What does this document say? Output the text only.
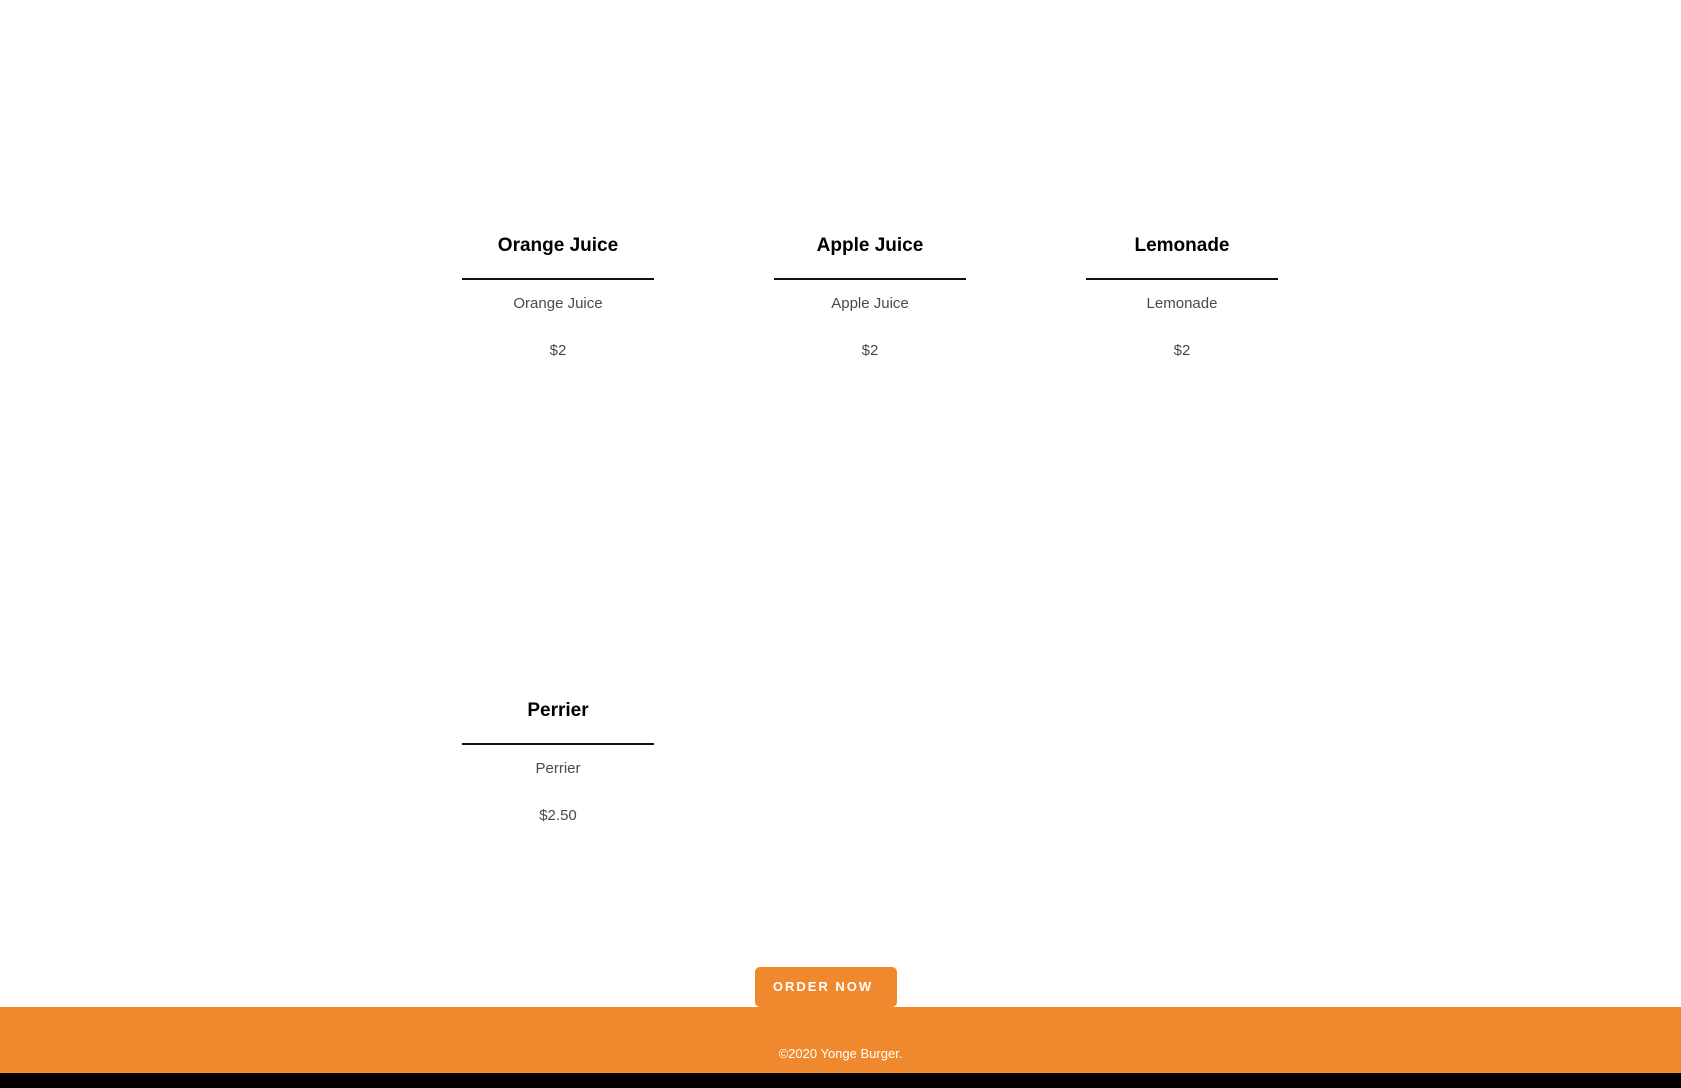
Orange Juice
Orange Juice
$2
Apple Juice
Apple Juice
$2
Lemonade
Lemonade
$2
Perrier
Perrier
$2.50
ORDER NOW
©2020 Yonge Burger.
